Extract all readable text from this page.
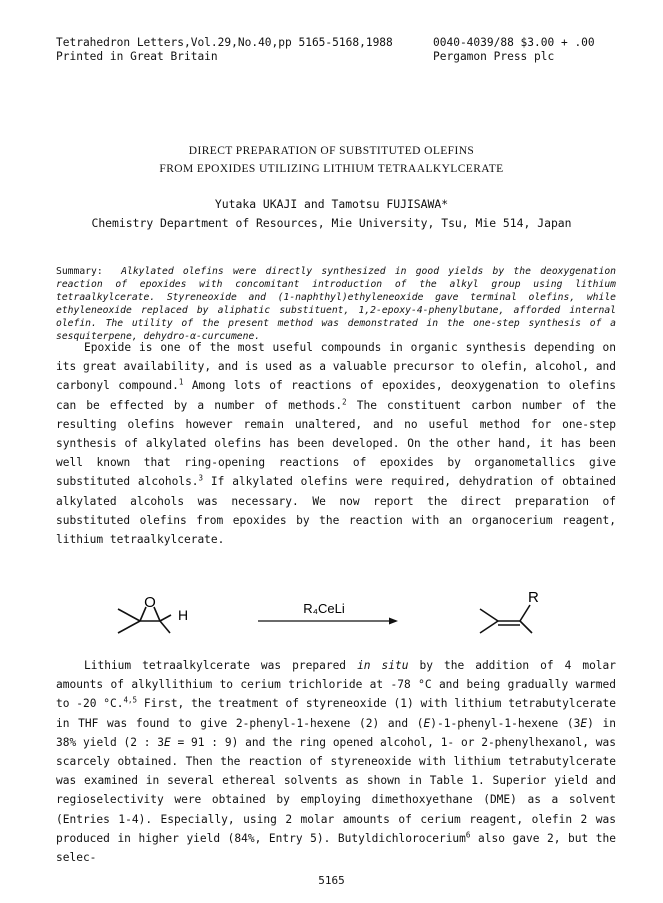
Tetrahedron Letters,Vol.29,No.40,pp 5165-5168,1988
Printed in Great Britain
0040-4039/88 $3.00 + .00
Pergamon Press plc
DIRECT PREPARATION OF SUBSTITUTED OLEFINS
FROM EPOXIDES UTILIZING LITHIUM TETRAALKYLCERATE
Yutaka UKAJI and Tamotsu FUJISAWA*
Chemistry Department of Resources, Mie University, Tsu, Mie 514, Japan
Summary: Alkylated olefins were directly synthesized in good yields by the deoxygenation reaction of epoxides with concomitant introduction of the alkyl group using lithium tetraalkylcerate. Styreneoxide and (1-naphthyl)ethyleneoxide gave terminal olefins, while ethyleneoxide replaced by aliphatic substituent, 1,2-epoxy-4-phenylbutane, afforded internal olefin. The utility of the present method was demonstrated in the one-step synthesis of a sesquiterpene, dehydro-α-curcumene.

Epoxide is one of the most useful compounds in organic synthesis depending on its great availability, and is used as a valuable precursor to olefin, alcohol, and carbonyl compound.$^1$ Among lots of reactions of epoxides, deoxygenation to olefins can be effected by a number of methods.$^2$ The constituent carbon number of the resulting olefins however remain unaltered, and no useful method for one-step synthesis of alkylated olefins has been developed. On the other hand, it has been well known that ring-opening reactions of epoxides by organometallics give substituted alcohols.$^3$ If alkylated olefins were required, dehydration of obtained alkylated alcohols was necessary. We now report the direct preparation of substituted olefins from epoxides by the reaction with an organocerium reagent, lithium tetraalkylcerate.

O
H	R₄CeLi
R

Lithium tetraalkylcerate was prepared in situ by the addition of 4 molar amounts of alkyllithium to cerium trichloride at -78 °C and being gradually warmed to -20 °C.$^{4,5}$ First, the treatment of styreneoxide (1) with lithium tetrabutylcerate in THF was found to give 2-phenyl-1-hexene (2) and (E)-1-phenyl-1-hexene (3E) in 38% yield (2 : 3E = 91 : 9) and the ring opened alcohol, 1- or 2-phenylhexanol, was scarcely obtained. Then the reaction of styreneoxide with lithium tetrabutylcerate was examined in several ethereal solvents as shown in Table 1. Superior yield and regioselectivity were obtained by employing dimethoxyethane (DME) as a solvent (Entries 1-4). Especially, using 2 molar amounts of cerium reagent, olefin 2 was produced in higher yield (84%, Entry 5). Butyldichlorocerium$^6$ also gave 2, but the selec-

5165
